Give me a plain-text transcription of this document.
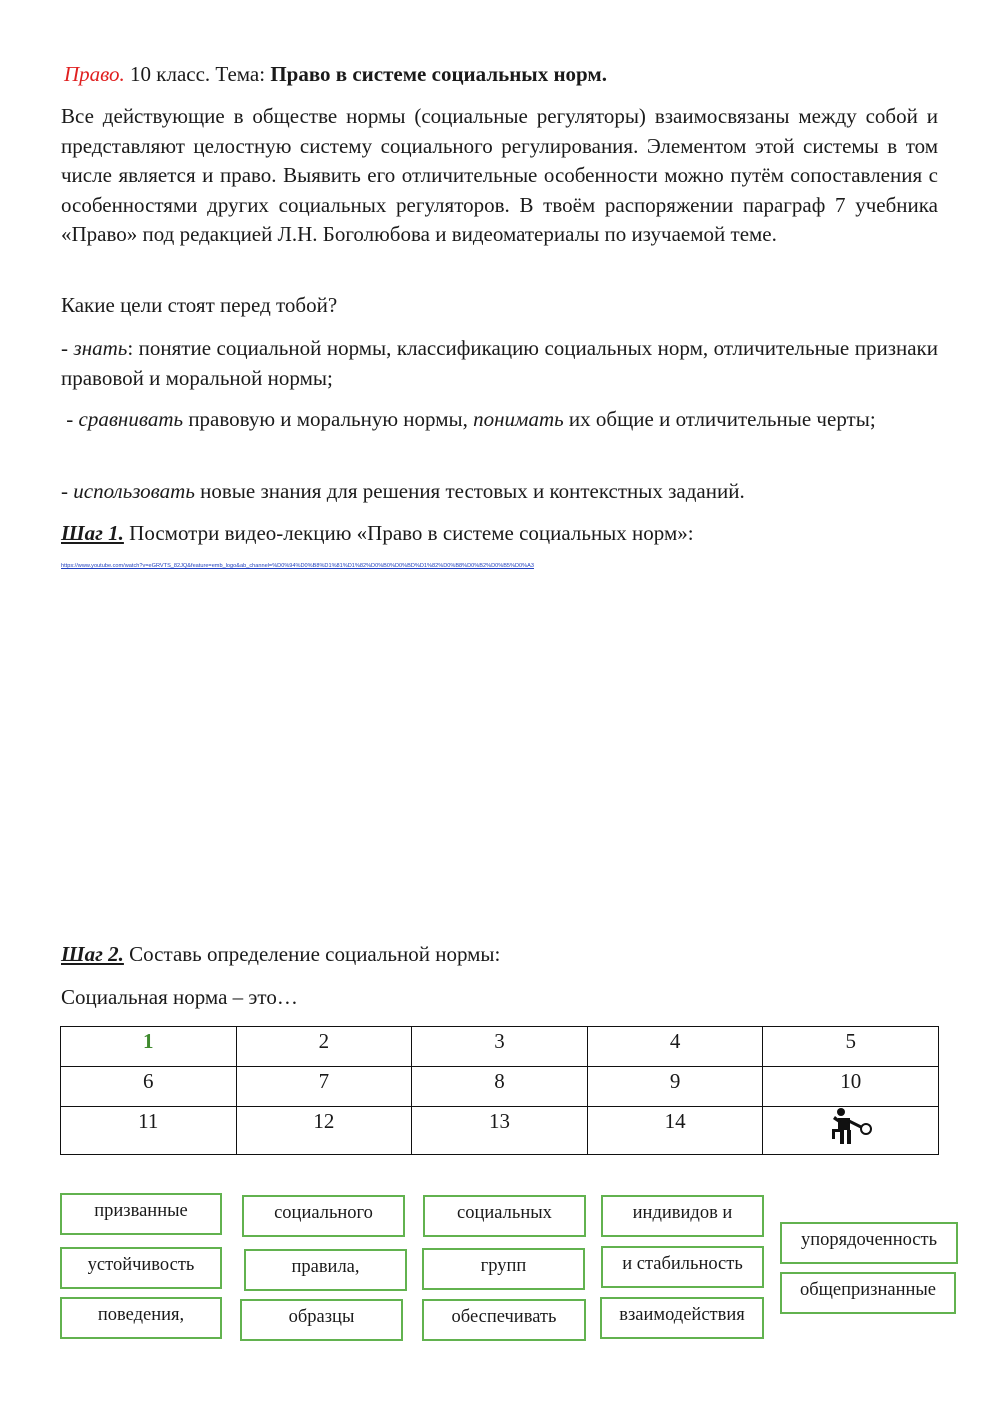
Право. 10 класс. Тема: Право в системе социальных норм.
Все действующие в обществе нормы (социальные регуляторы) взаимосвязаны между собой и представляют целостную систему социального регулирования. Элементом этой системы в том числе является и право. Выявить его отличительные особенности можно путём сопоставления с особенностями других социальных регуляторов. В твоём распоряжении параграф 7 учебника «Право» под редакцией Л.Н. Боголюбова и видеоматериалы по изучаемой теме.
Какие цели стоят перед тобой?
- знать: понятие социальной нормы, классификацию социальных норм, отличительные признаки правовой и моральной нормы;
- сравнивать правовую и моральную нормы, понимать их общие и отличительные черты;
- использовать новые знания для решения тестовых и контекстных заданий.
Шаг 1. Посмотри видео-лекцию «Право в системе социальных норм»:
https://www.youtube.com/watch?v=eGRVTS_82JQ&feature=emb_logo&ab_channel=%D0%94%D0%B8%D1%81%D1%82%D0%B0%D0%BD%D1%82%D0%B8%D0%B2%D0%B5%D0%A3
Шаг 2. Составь определение социальной нормы:
Социальная норма – это…
1	2	3	4	5
6	7	8	9	10
11	12	13	14	
призванные	социального	социальных	индивидов и
упорядоченность
устойчивость	правила,	групп	и стабильность
общепризнанные
поведения,	образцы	обеспечивать	взаимодействия
